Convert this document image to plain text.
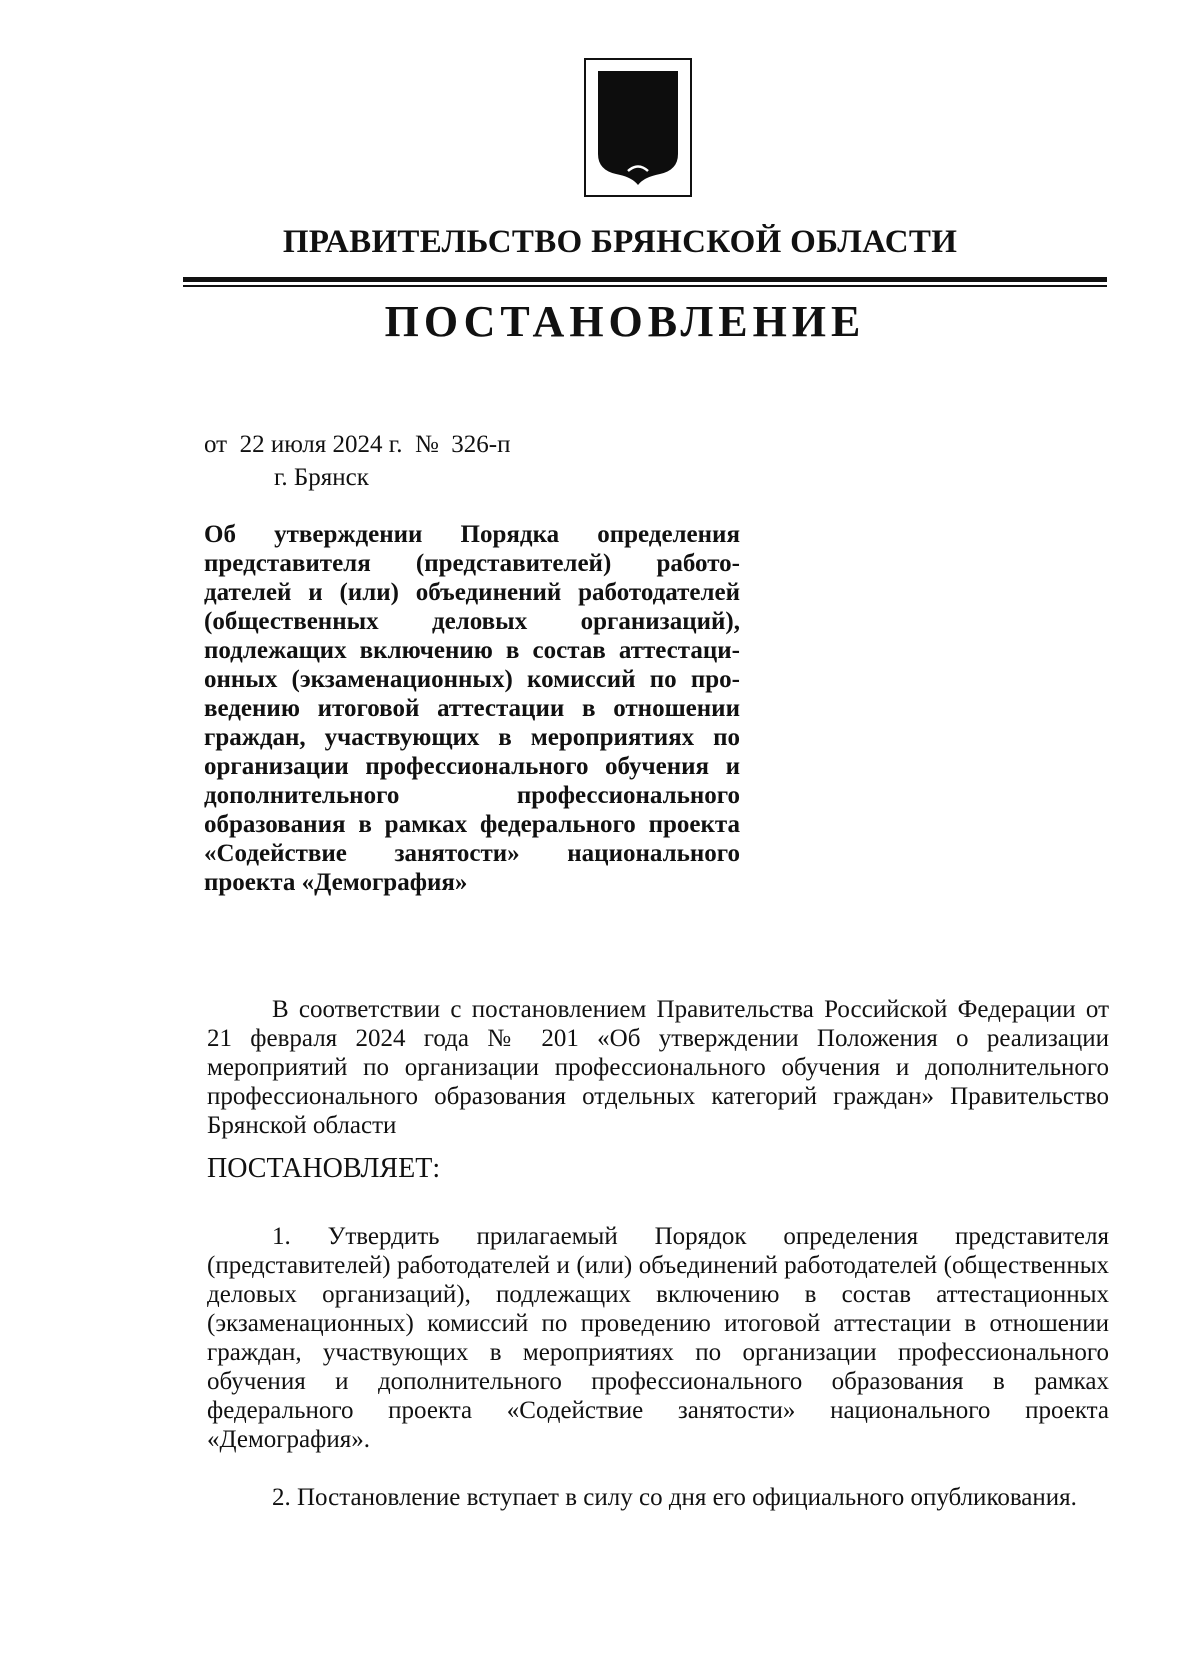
ПРАВИТЕЛЬСТВО БРЯНСКОЙ ОБЛАСТИ
ПОСТАНОВЛЕНИЕ
от  22 июля 2024 г.  №  326-п
г. Брянск
Об утверждении Порядка определения представителя (представителей) работодателей и (или) объединений работодателей (общественных деловых организаций), подлежащих включению в состав аттестационных (экзаменационных) комиссий по проведению итоговой аттестации в отношении граждан, участвующих в мероприятиях по организации профессионального обучения и дополнительного профессионального образования в рамках федерального проекта «Содействие занятости» национального проекта «Демография»

В соответствии с постановлением Правительства Российской Федерации от 21 февраля 2024 года № 201 «Об утверждении Положения о реализации мероприятий по организации профессионального обучения и дополнительного профессионального образования отдельных категорий граждан» Правительство Брянской области

ПОСТАНОВЛЯЕТ:

1. Утвердить прилагаемый Порядок определения представителя (представителей) работодателей и (или) объединений работодателей (общественных деловых организаций), подлежащих включению в состав аттестационных (экзаменационных) комиссий по проведению итоговой аттестации в отношении граждан, участвующих в мероприятиях по организации профессионального обучения и дополнительного профессионального образования в рамках федерального проекта «Содействие занятости» национального проекта «Демография».

2. Постановление вступает в силу со дня его официального опубликования.
